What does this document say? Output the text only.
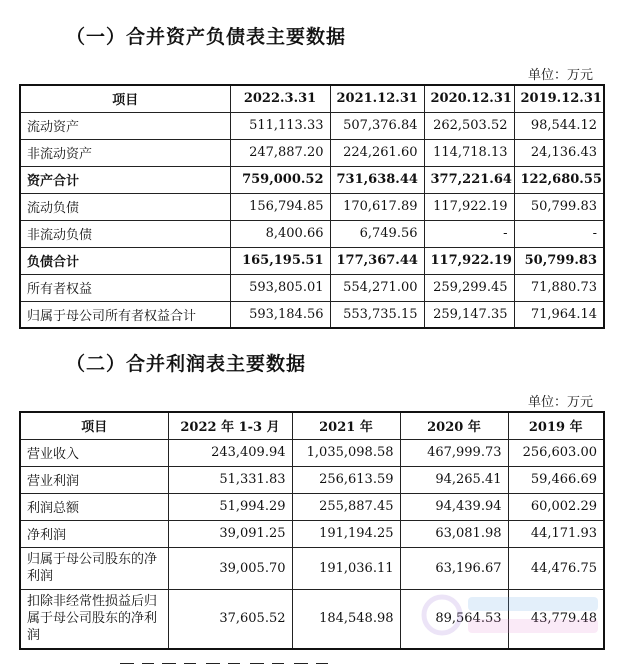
（一）合并资产负债表主要数据
单位：万元
项目	2022.3.31	2021.12.31	2020.12.31	2019.12.31
流动资产	511,113.33	507,376.84	262,503.52	98,544.12
非流动资产	247,887.20	224,261.60	114,718.13	24,136.43
资产合计	759,000.52	731,638.44	377,221.64	122,680.55
流动负债	156,794.85	170,617.89	117,922.19	50,799.83
非流动负债	8,400.66	6,749.56	-	-
负债合计	165,195.51	177,367.44	117,922.19	50,799.83
所有者权益	593,805.01	554,271.00	259,299.45	71,880.73
归属于母公司所有者权益合计	593,184.56	553,735.15	259,147.35	71,964.14
（二）合并利润表主要数据
单位：万元
项目	2022 年 1-3 月	2021 年	2020 年	2019 年
营业收入	243,409.94	1,035,098.58	467,999.73	256,603.00
营业利润	51,331.83	256,613.59	94,265.41	59,466.69
利润总额	51,994.29	255,887.45	94,439.94	60,002.29
净利润	39,091.25	191,194.25	63,081.98	44,171.93
归属于母公司股东的净利润	39,005.70	191,036.11	63,196.67	44,476.75
扣除非经常性损益后归属于母公司股东的净利润	37,605.52	184,548.98	89,564.53	43,779.48
